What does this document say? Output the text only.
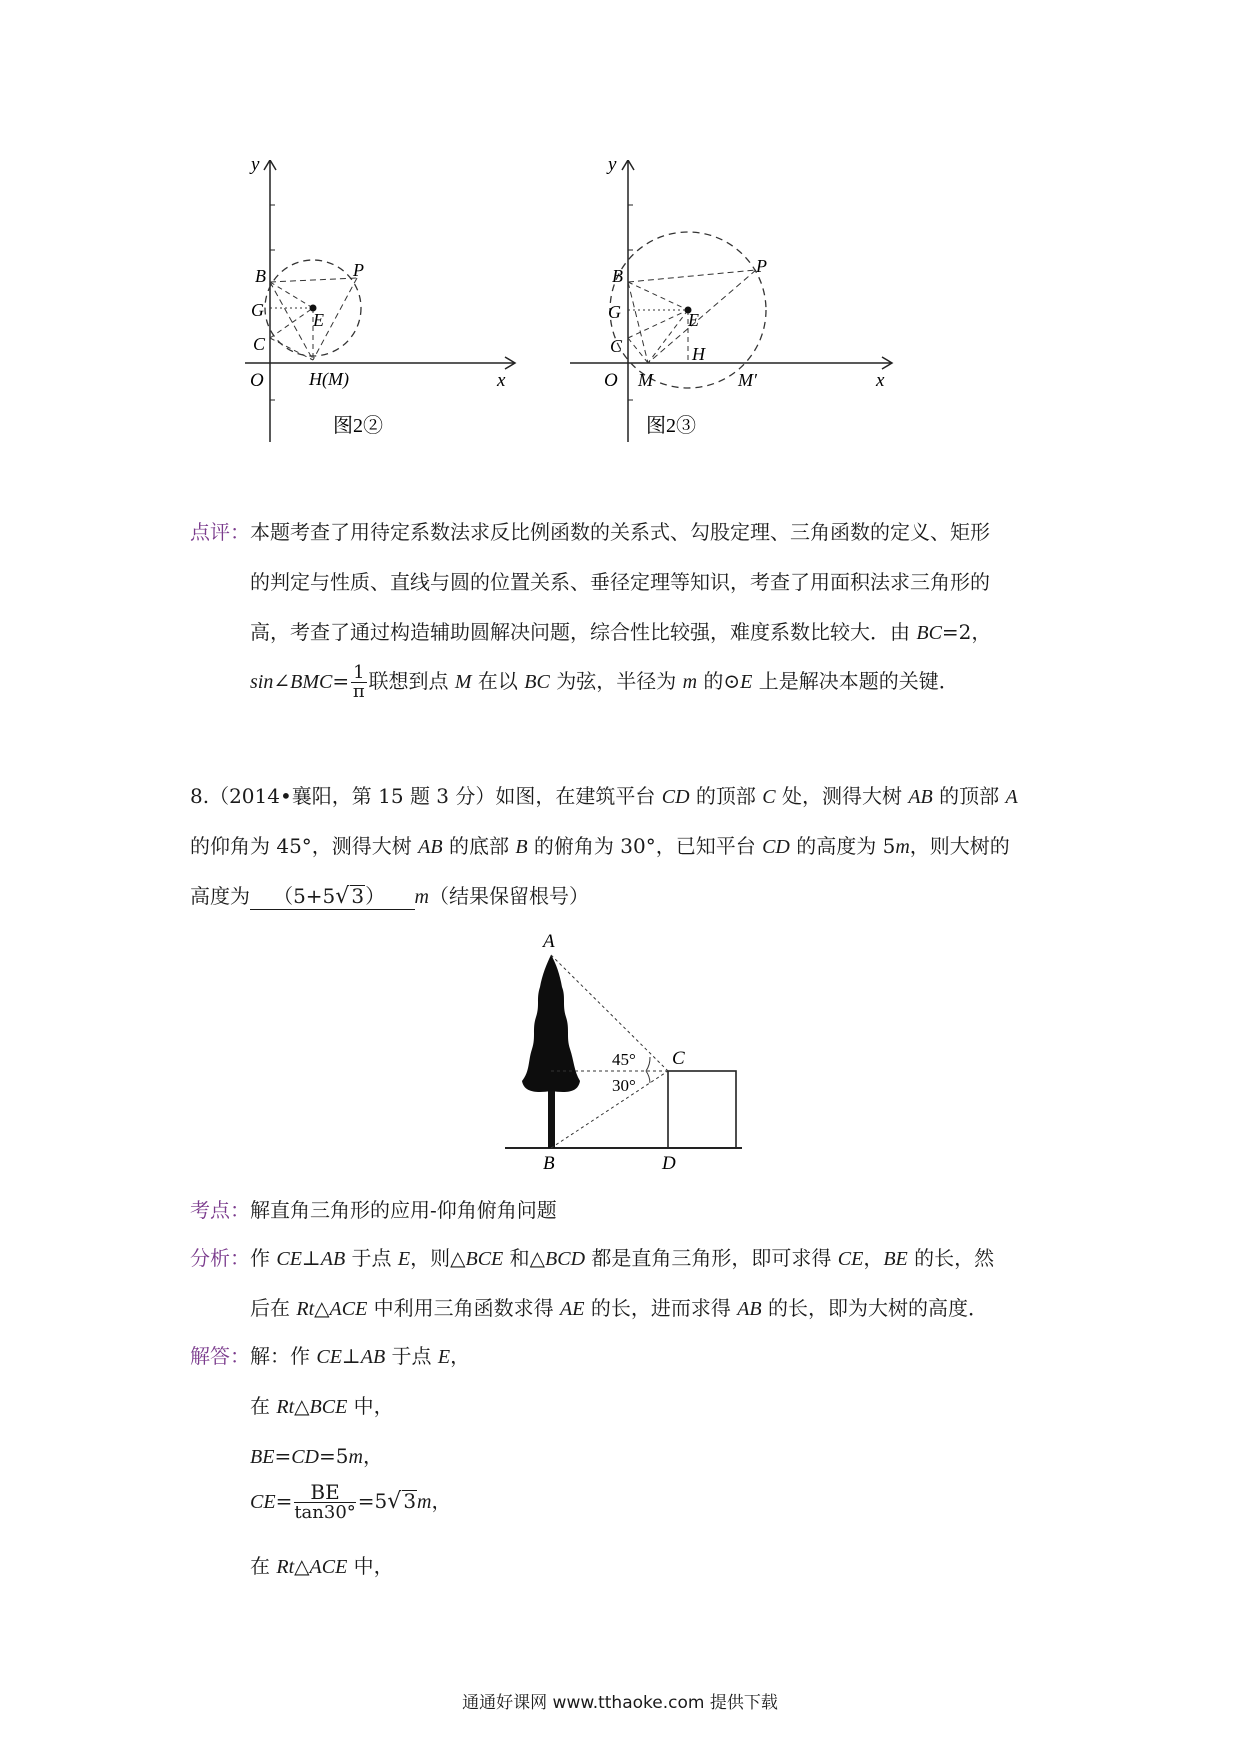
y
x
O
B	P
G	E
C
H(M)
图2②
y
x
O
B	P
G	E
C	H
M	M′
图2③
点评：本题考查了用待定系数法求反比例函数的关系式、勾股定理、三角函数的定义、矩形
的判定与性质、直线与圆的位置关系、垂径定理等知识，考查了用面积法求三角形的
高，考查了通过构造辅助圆解决问题，综合性比较强，难度系数比较大．由 BC=2，
sin∠BMC= $\frac{1}{\pi}$ 联想到点 M 在以 BC 为弦，半径为 m 的⊙E 上是解决本题的关键．
8.（2014•襄阳，第 15 题 3 分）如图，在建筑平台 CD 的顶部 C 处，测得大树 AB 的顶部 A
的仰角为 45°，测得大树 AB 的底部 B 的俯角为 30°，已知平台 CD 的高度为 5m，则大树的
高度为 （5+5√ 3） m（结果保留根号）
A
C
B	D
45°
30°
考点：解直角三角形的应用-仰角俯角问题
分析：作 CE⊥AB 于点 E，则△BCE 和△BCD 都是直角三角形，即可求得 CE，BE 的长，然
后在 Rt△ACE 中利用三角函数求得 AE 的长，进而求得 AB 的长，即为大树的高度．
解答：解：作 CE⊥AB 于点 E，
在 Rt△BCE 中，
BE=CD=5m，
$CE= \frac{BE}{\tan 30^\circ} =5√$ 3m，
在 Rt△ACE 中，
通通好课网 www.tthaoke.com 提供下载
